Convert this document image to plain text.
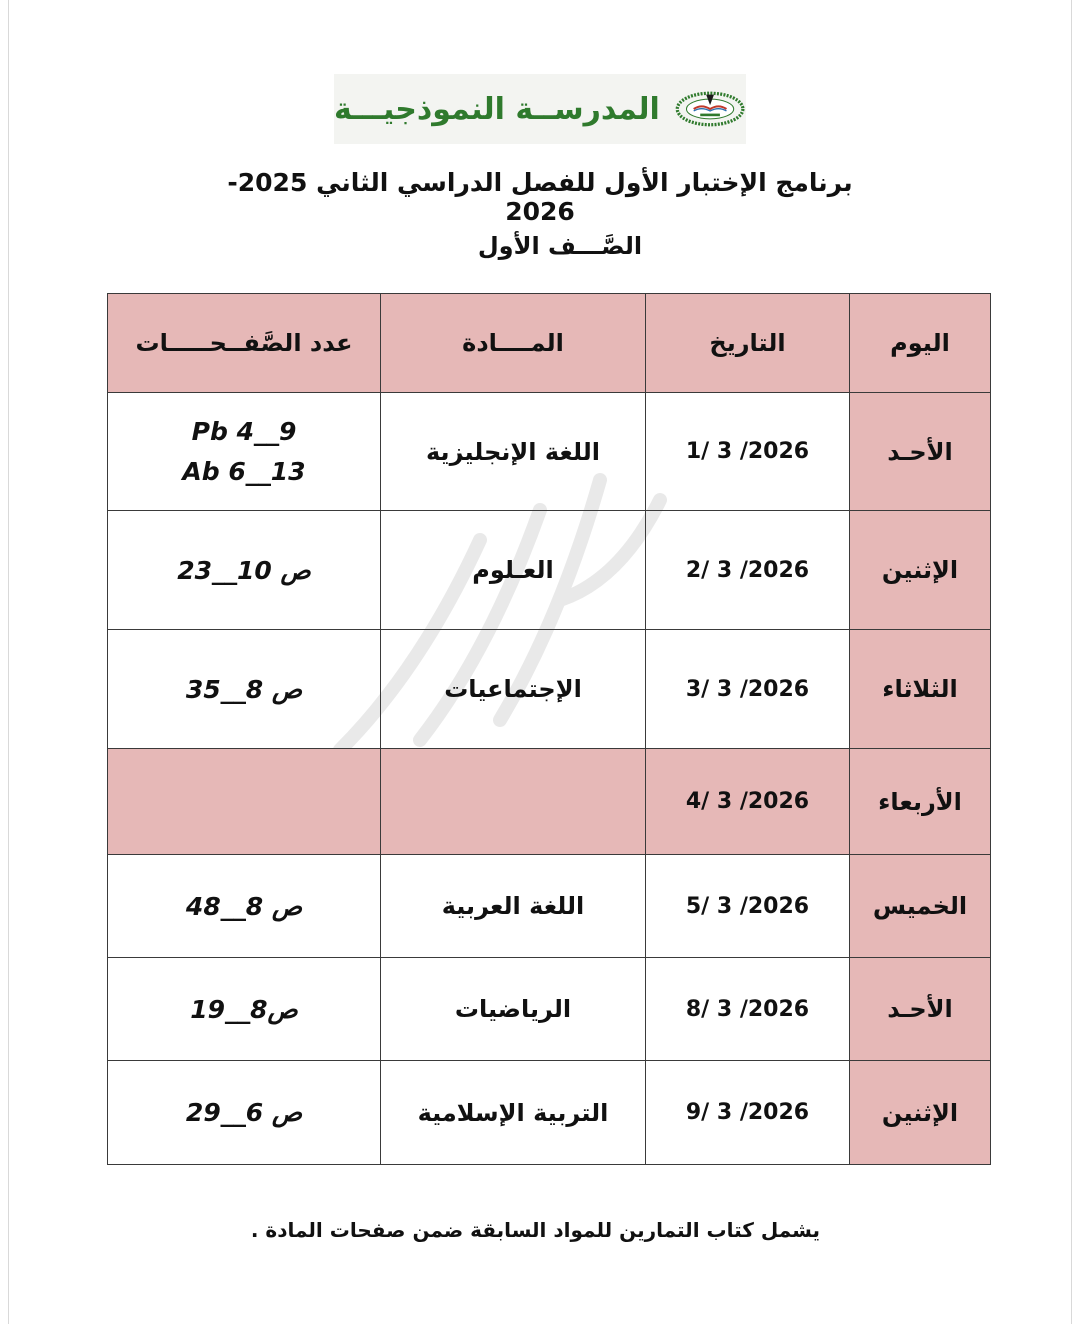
المدرســة النموذجيـــة
برنامج الإختبار الأول للفصل الدراسي الثاني 2025-2026
الصَّـــف الأول
اليوم	التاريخ	المــــادة	عدد الصَّفــحـــــات
الأحـد	1/ 3 /2026	اللغة الإنجليزية	Pb 4__9
Ab 6__13

الإثنين	2/ 3 /2026	العـلوم	ص 10__23
الثلاثاء	3/ 3 /2026	الإجتماعيات	ص 8__35
الأربعاء	4/ 3 /2026		
الخميس	5/ 3 /2026	اللغة العربية	ص 8__48
الأحـد	8/ 3 /2026	الرياضيات	ص8__19
الإثنين	9/ 3 /2026	التربية الإسلامية	ص 6__29
يشمل كتاب التمارين للمواد السابقة ضمن صفحات المادة .
